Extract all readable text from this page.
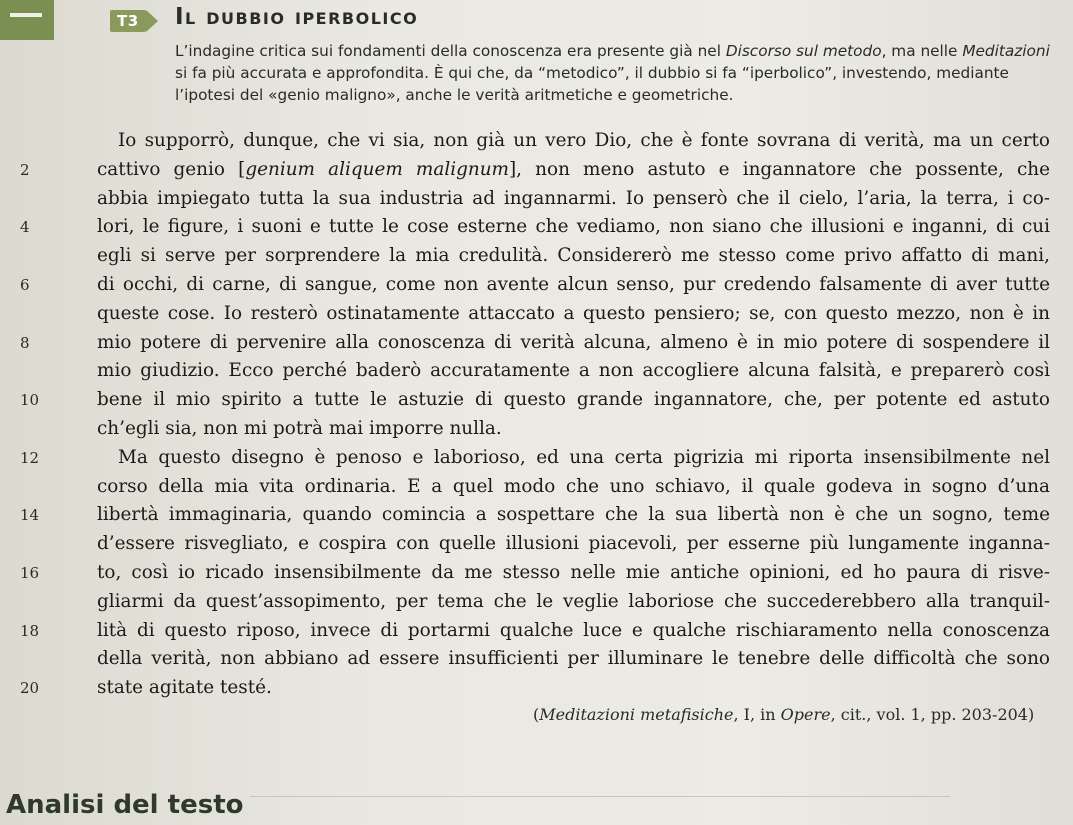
T3	Il dubbio iperbolico
L’indagine critica sui fondamenti della conoscenza era presente già nel Discorso sul metodo, ma nelle Meditazioni si fa più accurata e approfondita. È qui che, da “metodico”, il dubbio si fa “iperbolico”, investendo, mediante l’ipotesi del «genio maligno», anche le verità aritmetiche e geometriche.
Io supporrò, dunque, che vi sia, non già un vero Dio, che è fonte sovrana di verità, ma un certo
2	cattivo genio [genium aliquem malignum], non meno astuto e ingannatore che possente, che
abbia impiegato tutta la sua industria ad ingannarmi. Io penserò che il cielo, l’aria, la terra, i co-
4	lori, le figure, i suoni e tutte le cose esterne che vediamo, non siano che illusioni e inganni, di cui
egli si serve per sorprendere la mia credulità. Considererò me stesso come privo affatto di mani,
6	di occhi, di carne, di sangue, come non avente alcun senso, pur credendo falsamente di aver tutte
queste cose. Io resterò ostinatamente attaccato a questo pensiero; se, con questo mezzo, non è in
8	mio potere di pervenire alla conoscenza di verità alcuna, almeno è in mio potere di sospendere il
mio giudizio. Ecco perché baderò accuratamente a non accogliere alcuna falsità, e preparerò così
10	bene il mio spirito a tutte le astuzie di questo grande ingannatore, che, per potente ed astuto
ch’egli sia, non mi potrà mai imporre nulla.
12	Ma questo disegno è penoso e laborioso, ed una certa pigrizia mi riporta insensibilmente nel
corso della mia vita ordinaria. E a quel modo che uno schiavo, il quale godeva in sogno d’una
14	libertà immaginaria, quando comincia a sospettare che la sua libertà non è che un sogno, teme
d’essere risvegliato, e cospira con quelle illusioni piacevoli, per esserne più lungamente inganna-
16	to, così io ricado insensibilmente da me stesso nelle mie antiche opinioni, ed ho paura di risve-
gliarmi da quest’assopimento, per tema che le veglie laboriose che succederebbero alla tranquil-
18	lità di questo riposo, invece di portarmi qualche luce e qualche rischiaramento nella conoscenza
della verità, non abbiano ad essere insufficienti per illuminare le tenebre delle difficoltà che sono
20	state agitate testé.
(Meditazioni metafisiche, I, in Opere, cit., vol. 1, pp. 203-204)
Analisi del testo
